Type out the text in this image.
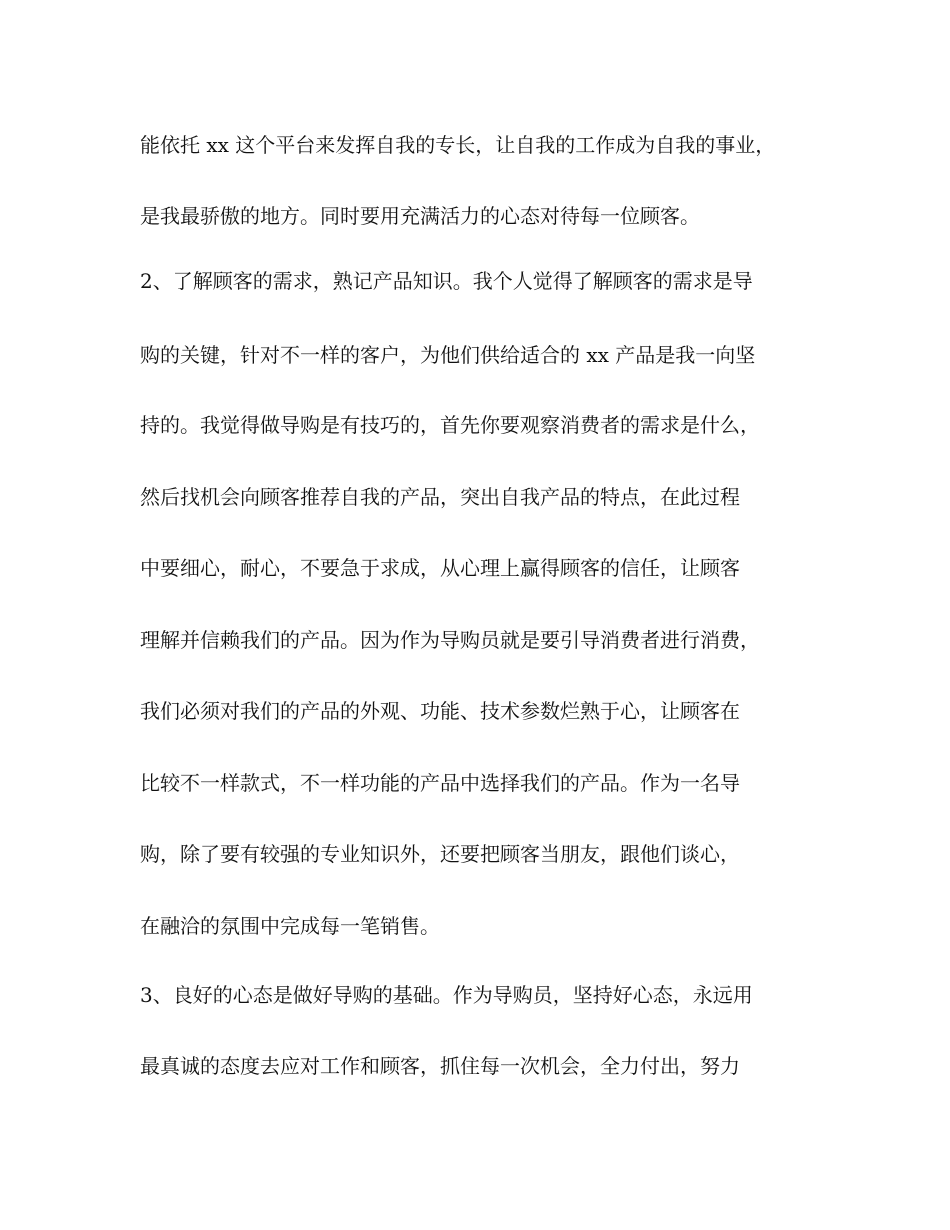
能依托 xx 这个平台来发挥自我的专长，让自我的工作成为自我的事业，
是我最骄傲的地方。同时要用充满活力的心态对待每一位顾客。
2、了解顾客的需求，熟记产品知识。我个人觉得了解顾客的需求是导
购的关键，针对不一样的客户，为他们供给适合的 xx 产品是我一向坚
持的。我觉得做导购是有技巧的，首先你要观察消费者的需求是什么，
然后找机会向顾客推荐自我的产品，突出自我产品的特点，在此过程
中要细心，耐心，不要急于求成，从心理上赢得顾客的信任，让顾客
理解并信赖我们的产品。因为作为导购员就是要引导消费者进行消费，
我们必须对我们的产品的外观、功能、技术参数烂熟于心，让顾客在
比较不一样款式，不一样功能的产品中选择我们的产品。作为一名导
购，除了要有较强的专业知识外，还要把顾客当朋友，跟他们谈心，
在融洽的氛围中完成每一笔销售。
3、良好的心态是做好导购的基础。作为导购员，坚持好心态，永远用
最真诚的态度去应对工作和顾客，抓住每一次机会，全力付出，努力
